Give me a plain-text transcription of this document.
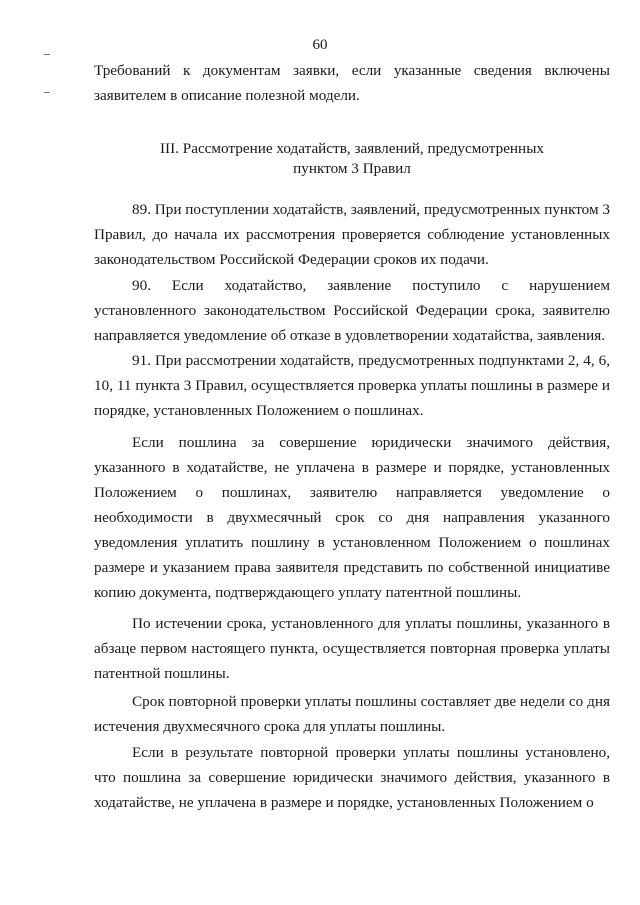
60

Требований к документам заявки, если указанные сведения включены заявителем в описание полезной модели.

III. Рассмотрение ходатайств, заявлений, предусмотренных
пунктом 3 Правил

89. При поступлении ходатайств, заявлений, предусмотренных пунктом 3 Правил, до начала их рассмотрения проверяется соблюдение установленных законодательством Российской Федерации сроков их подачи.

90. Если ходатайство, заявление поступило с нарушением установленного законодательством Российской Федерации срока, заявителю направляется уведомление об отказе в удовлетворении ходатайства, заявления.

91. При рассмотрении ходатайств, предусмотренных подпунктами 2, 4, 6, 10, 11 пункта 3 Правил, осуществляется проверка уплаты пошлины в размере и порядке, установленных Положением о пошлинах.

Если пошлина за совершение юридически значимого действия, указанного в ходатайстве, не уплачена в размере и порядке, установленных Положением о пошлинах, заявителю направляется уведомление о необходимости в двухмесячный срок со дня направления указанного уведомления уплатить пошлину в установленном Положением о пошлинах размере и указанием права заявителя представить по собственной инициативе копию документа, подтверждающего уплату патентной пошлины.

По истечении срока, установленного для уплаты пошлины, указанного в абзаце первом настоящего пункта, осуществляется повторная проверка уплаты патентной пошлины.

Срок повторной проверки уплаты пошлины составляет две недели со дня истечения двухмесячного срока для уплаты пошлины.

Если в результате повторной проверки уплаты пошлины установлено, что пошлина за совершение юридически значимого действия, указанного в ходатайстве, не уплачена в размере и порядке, установленных Положением о
